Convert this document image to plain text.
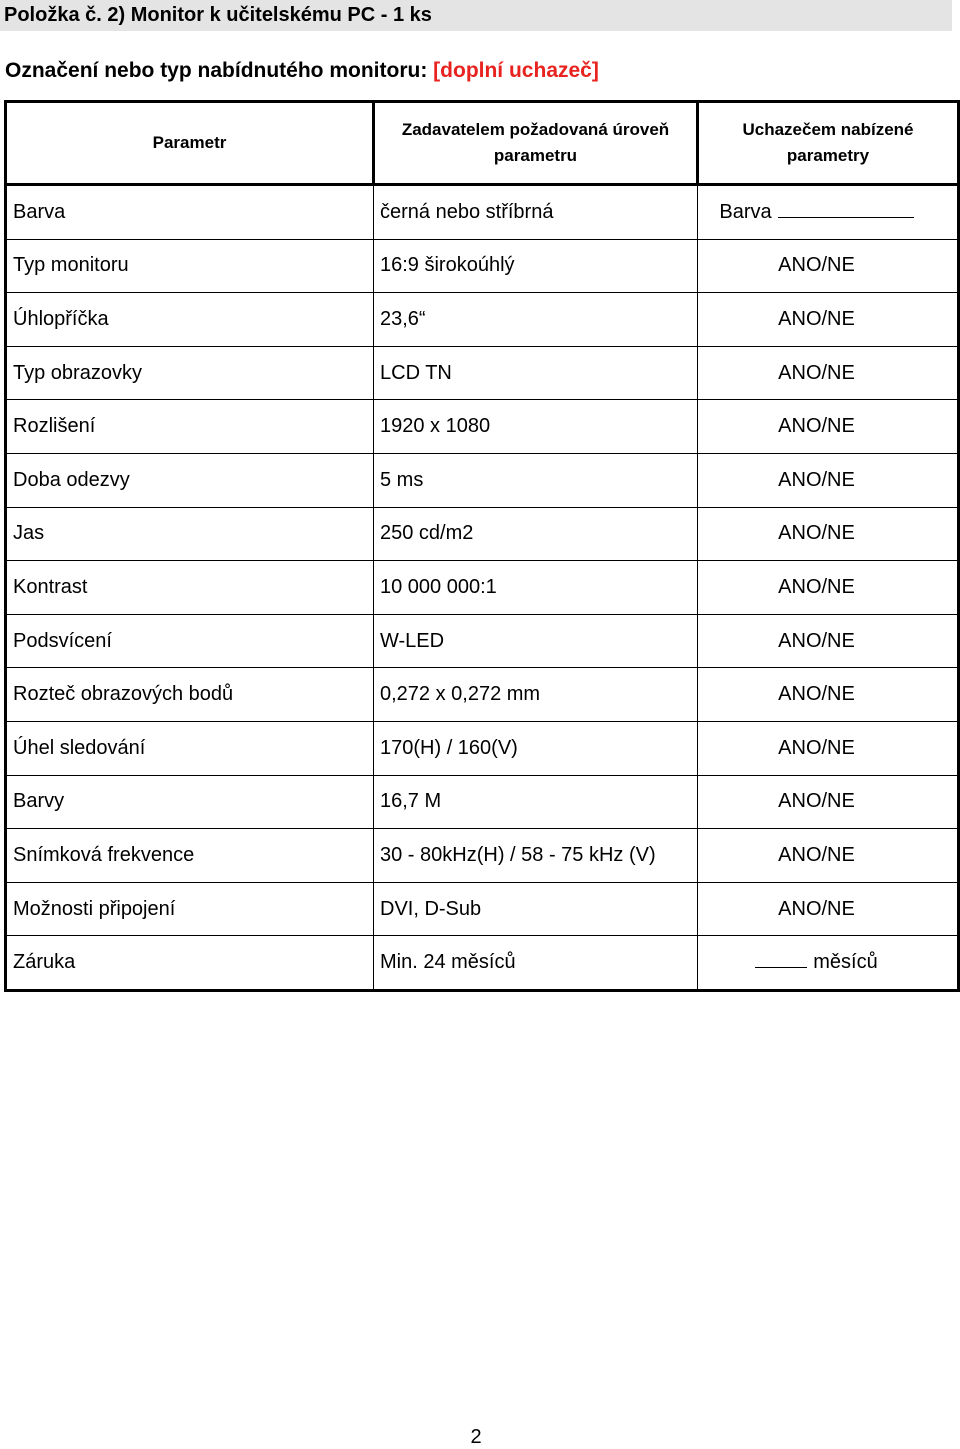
Položka č. 2) Monitor k učitelskému PC - 1 ks
Označení nebo typ nabídnutého monitoru: [doplní uchazeč]
Parametr	Zadavatelem požadovaná úroveň parametru	Uchazečem nabízené parametry
Barva	černá nebo stříbrná	Barva
Typ monitoru	16:9 širokoúhlý	ANO/NE
Úhlopříčka	23,6“	ANO/NE
Typ obrazovky	LCD TN	ANO/NE
Rozlišení	1920 x 1080	ANO/NE
Doba odezvy	5 ms	ANO/NE
Jas	250 cd/m2	ANO/NE
Kontrast	10 000 000:1	ANO/NE
Podsvícení	W-LED	ANO/NE
Rozteč obrazových bodů	0,272 x 0,272 mm	ANO/NE
Úhel sledování	170(H) / 160(V)	ANO/NE
Barvy	16,7 M	ANO/NE
Snímková frekvence	30 - 80kHz(H) / 58 - 75 kHz (V)	ANO/NE
Možnosti připojení	DVI, D-Sub	ANO/NE
Záruka	Min. 24 měsíců	měsíců
2
